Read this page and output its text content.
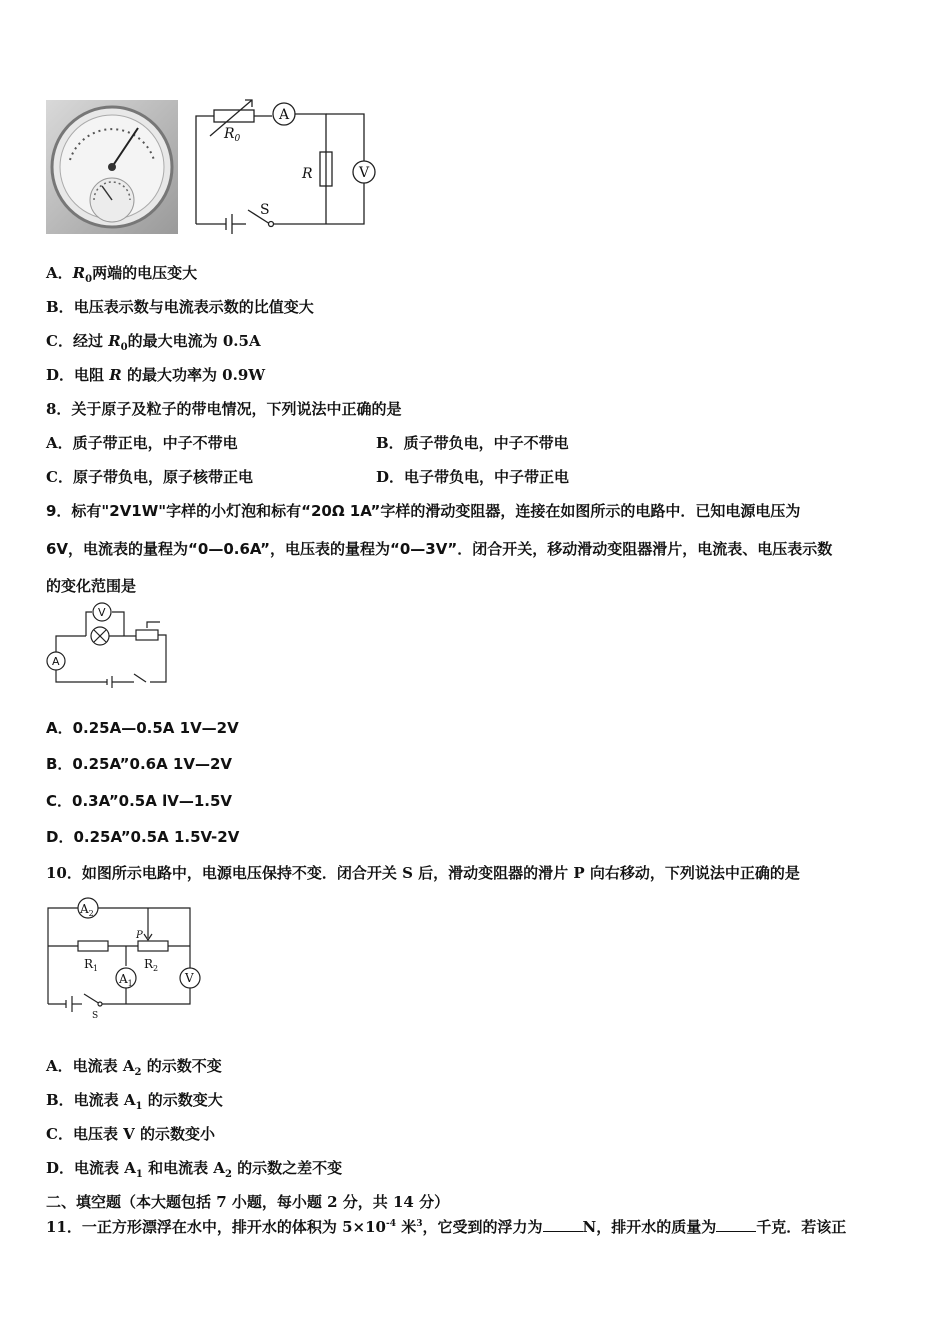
$R_0$
A
R	V
S
A．$R_0$两端的电压变大
B．电压表示数与电流表示数的比值变大
C．经过 $R_0$的最大电流为 0.5A
D．电阻 R 的最大功率为 0.9W
8．关于原子及粒子的带电情况，下列说法中正确的是
A．质子带正电，中子不带电	B．质子带负电，中子不带电
C．原子带负电，原子核带正电	D．电子带负电，中子带正电
9．标有"2V1W"字样的小灯泡和标有“20Ω 1A”字样的滑动变阻器，连接在如图所示的电路中．已知电源电压为
6V，电流表的量程为“0—0.6A”，电压表的量程为“0—3V”．闭合开关，移动滑动变阻器滑片，电流表、电压表示数
的变化范围是
V
A
A．0.25A—0.5A 1V—2V
B．0.25A”0.6A 1V—2V
C．0.3A”0.5A lV—1.5V
D．0.25A”0.5A 1.5V-2V
10．如图所示电路中，电源电压保持不变．闭合开关 S 后，滑动变阻器的滑片 P 向右移动，下列说法中正确的是
$A_2$
$R_1$	$R_2$
P
$A_1$	V
S
A．电流表 $A_2$ 的示数不变
B．电流表 $A_1$ 的示数变大
C．电压表 V 的示数变小
D．电流表 $A_1$ 和电流表 $A_2$ 的示数之差不变
二、填空题（本大题包括 7 小题，每小题 2 分，共 14 分）
11．一正方形漂浮在水中，排开水的体积为 $5\times 10^{-4}$ 米$^3$，它受到的浮力为	N，排开水的质量为	千克．若该正
